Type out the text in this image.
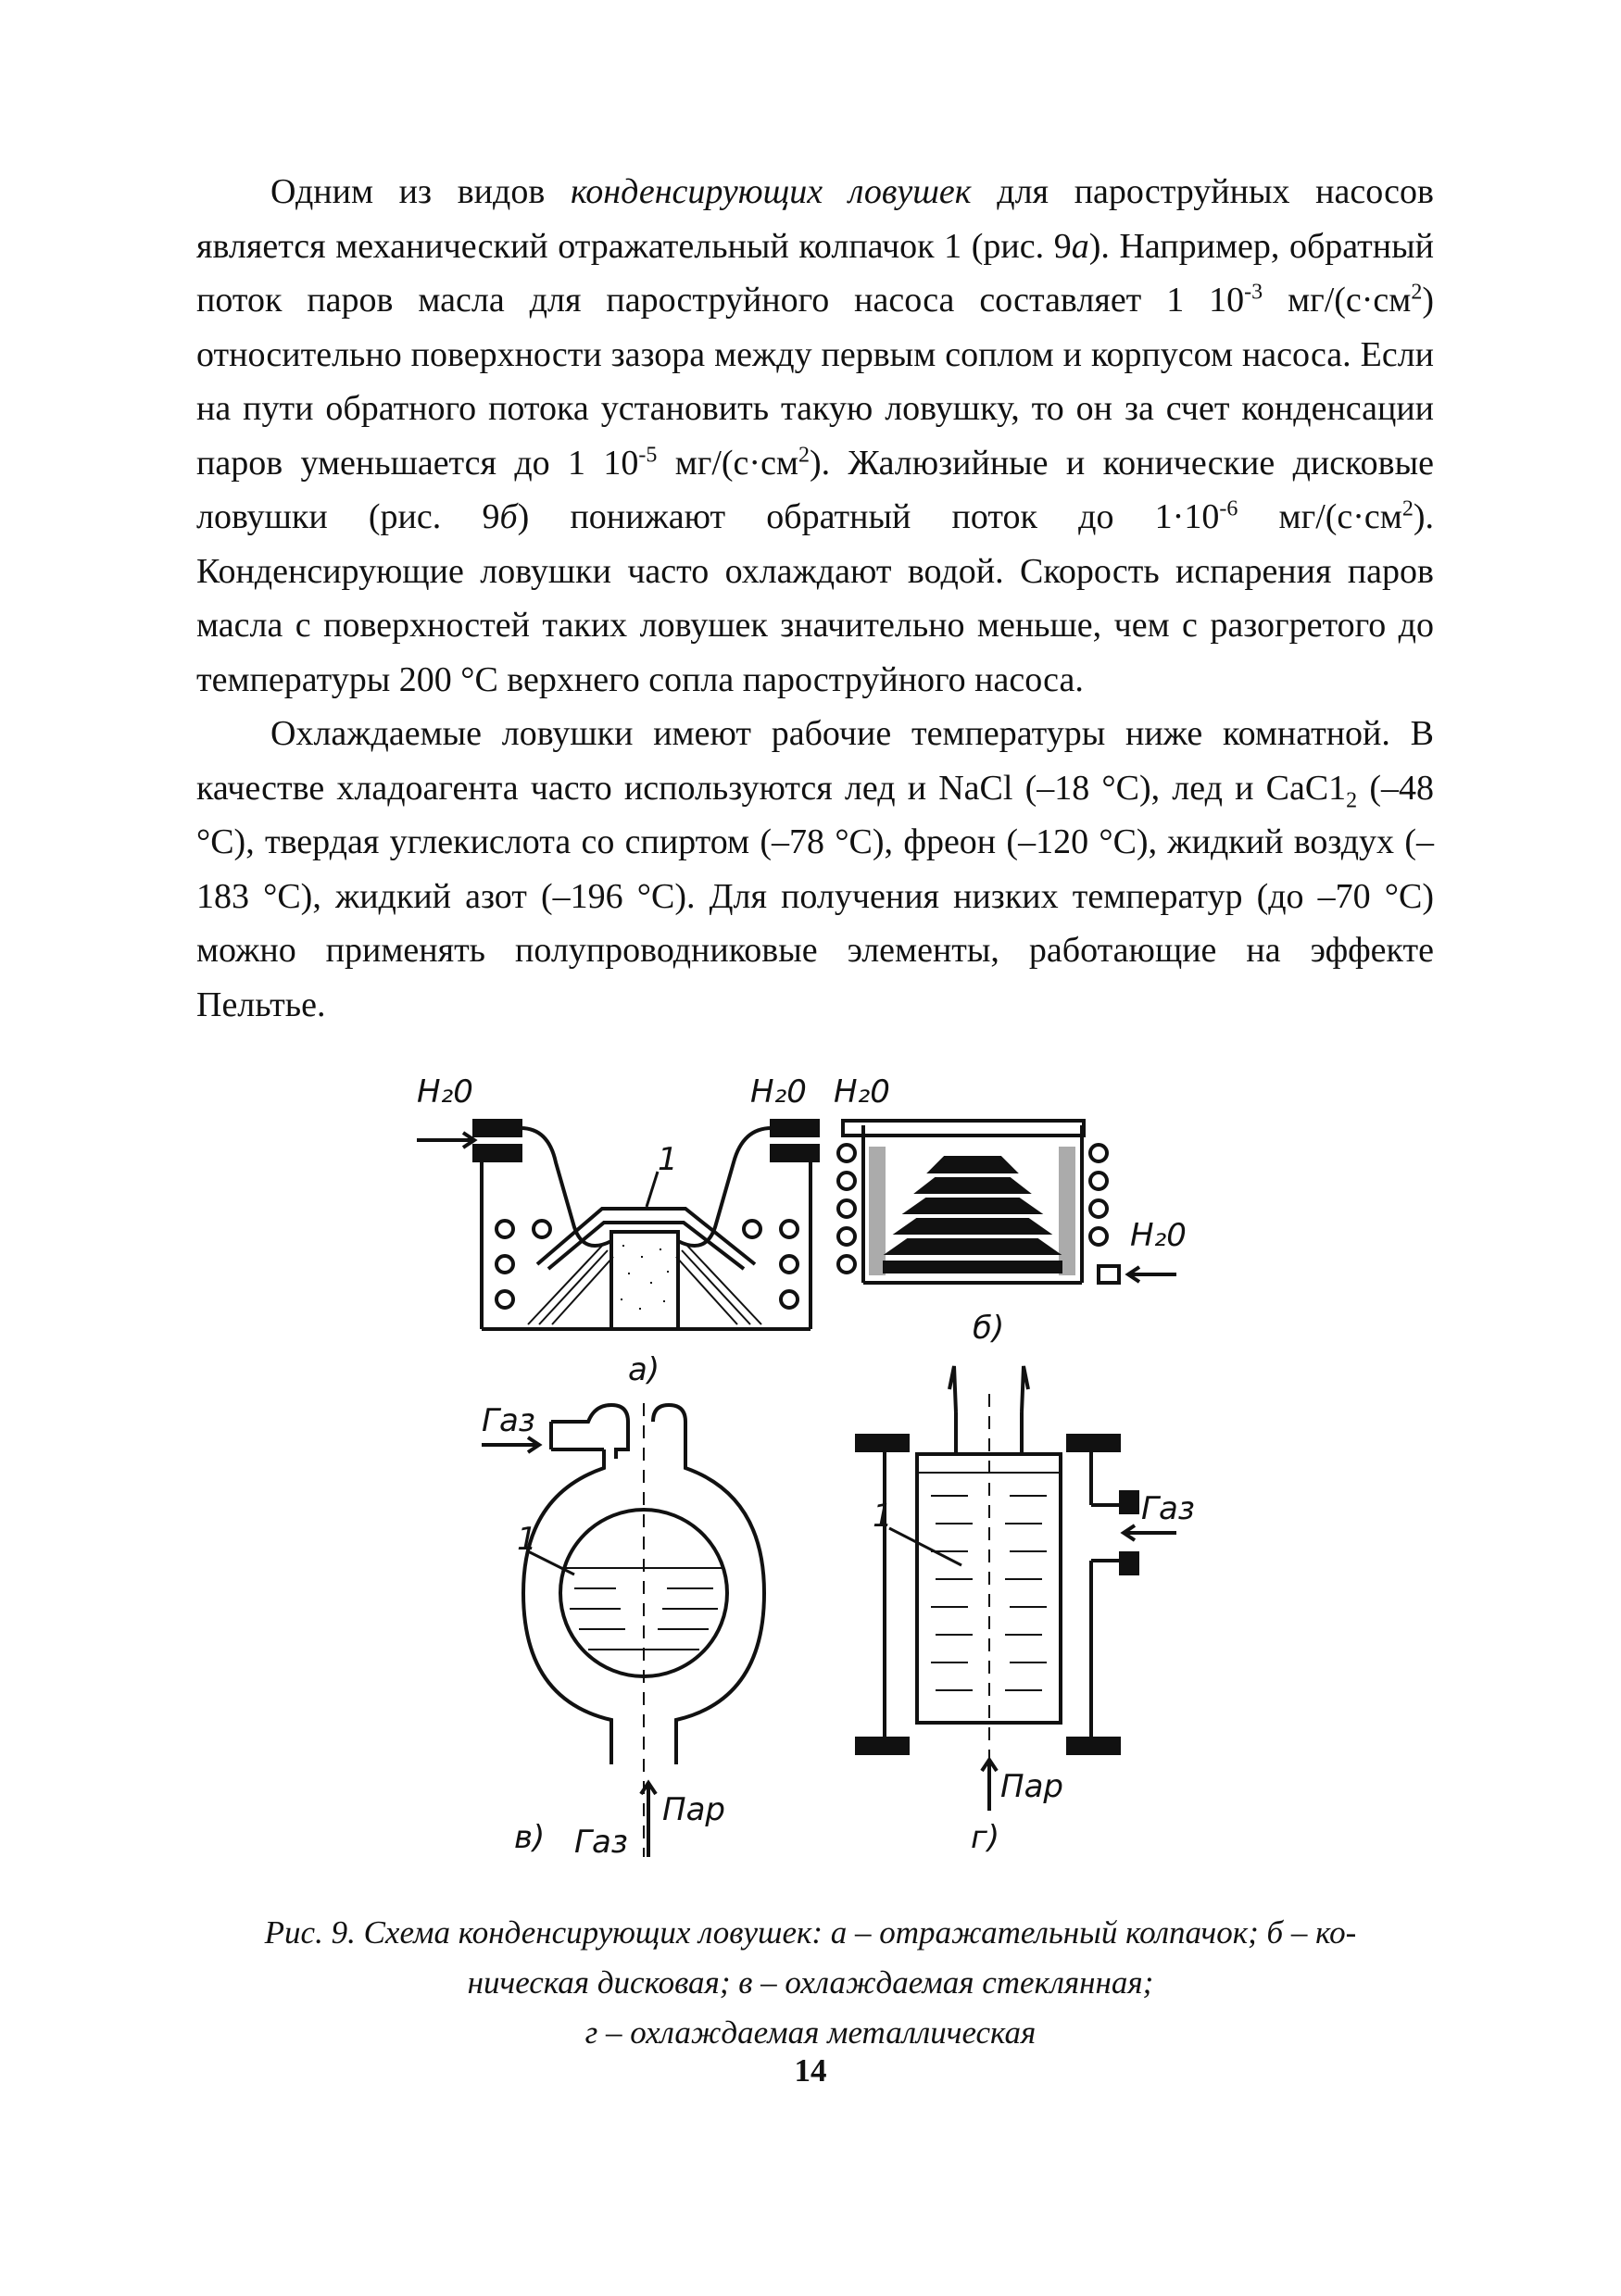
Одним из видов конденсирующих ловушек для пароструйных насосов является механический отражательный колпачок 1 (рис. 9а). Например, обратный поток паров масла для пароструйного насоса составляет 1 $10^{-3}$ $мг/(с\cdot см^2)$ относительно поверхности зазора между первым соплом и корпусом насоса. Если на пути обратного потока установить такую ловушку, то он за счет конденсации паров уменьшается до 1 $10^{-5}$ $мг/(с\cdot см^2)$. Жалюзийные и конические дисковые ловушки (рис. 9б) понижают обратный поток до $1\cdot 10^{-6}$ $мг/(с\cdot см^2)$. Конденсирующие ловушки часто охлаждают водой. Скорость испарения паров масла с поверхностей таких ловушек значительно меньше, чем с разогретого до температуры 200 °С верхнего сопла пароструйного насоса.

Охлаждаемые ловушки имеют рабочие температуры ниже комнатной. В качестве хладоагента часто используются лед и NaCl (–18 °С), лед и $CaC1_2$ (–48 °С), твердая углекислота со спиртом (–78 °С), фреон (–120 °С), жидкий воздух (–183 °С), жидкий азот (–196 °С). Для получения низких температур (до –70 °С) можно применять полупроводниковые элементы, работающие на эффекте Пельтье.

H₂0	H₂0
1
а)
H₂0
H₂0
б)
Газ
1
Пар
Газ
в)
Газ
1
Пар
г)
Рис. 9. Схема конденсирующих ловушек: а – отражательный колпачок; б – ко-
ническая дисковая; в – охлаждаемая стеклянная;
г – охлаждаемая металлическая
14
